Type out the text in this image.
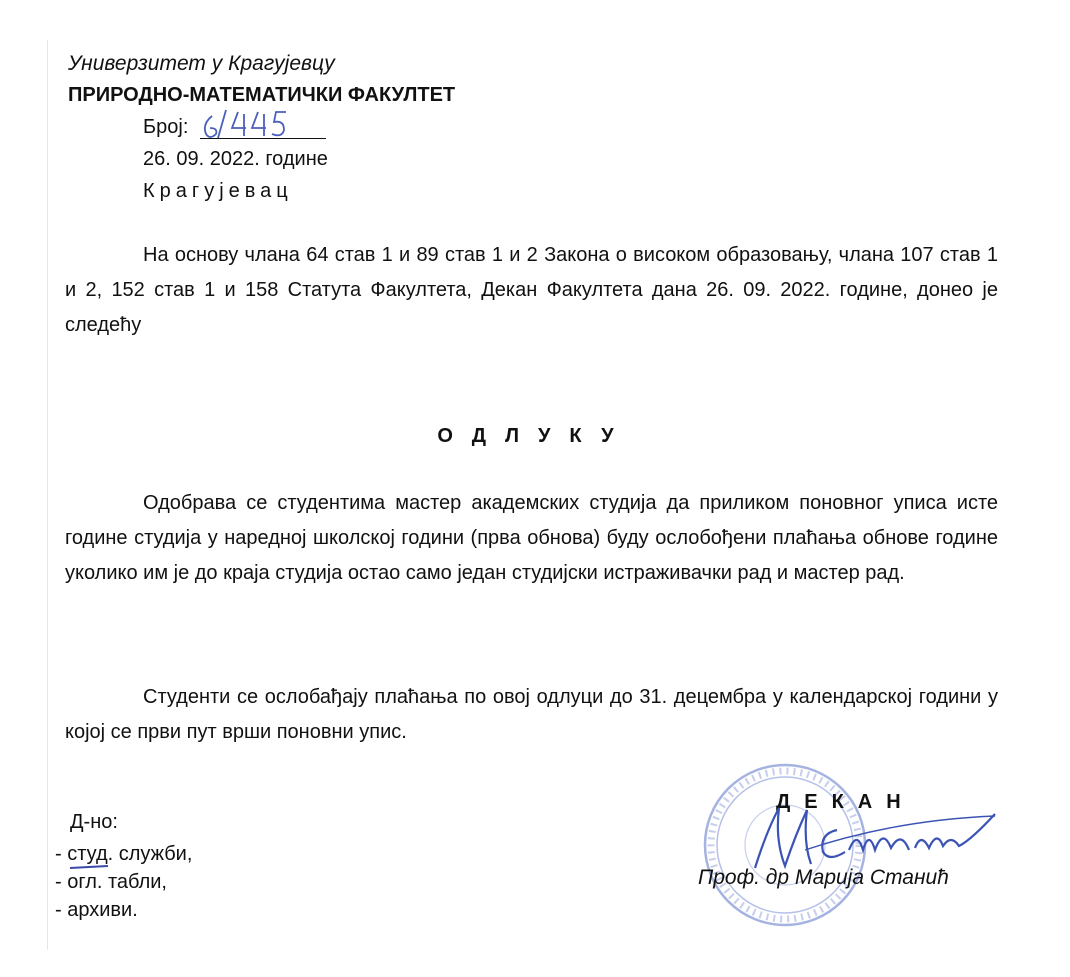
Универзитет у Крагујевцу
ПРИРОДНО-МАТЕМАТИЧКИ ФАКУЛТЕТ
Број:
26. 09. 2022. године
Крагујевац

На основу члана 64 став 1 и 89 став 1 и 2 Закона о високом образовању, члана 107 став 1 и 2, 152 став 1 и 158 Статута Факултета, Декан Факултета дана 26. 09. 2022. године, донео је следећу

ОДЛУКУ

Одобрава се студентима мастер академских студија да приликом поновног уписа исте године студија у наредној школској години (прва обнова) буду ослобођени плаћања обнове године уколико им је до краја студија остао само један студијски истраживачки рад и мастер рад.

Студенти се ослобађају плаћања по овој одлуци до 31. децембра у календарској години у којој се први пут врши поновни упис.

Д-но:
- студ. служби,
- огл. табли,
- архиви.
ДЕКАН
Проф. др Марија Станић
